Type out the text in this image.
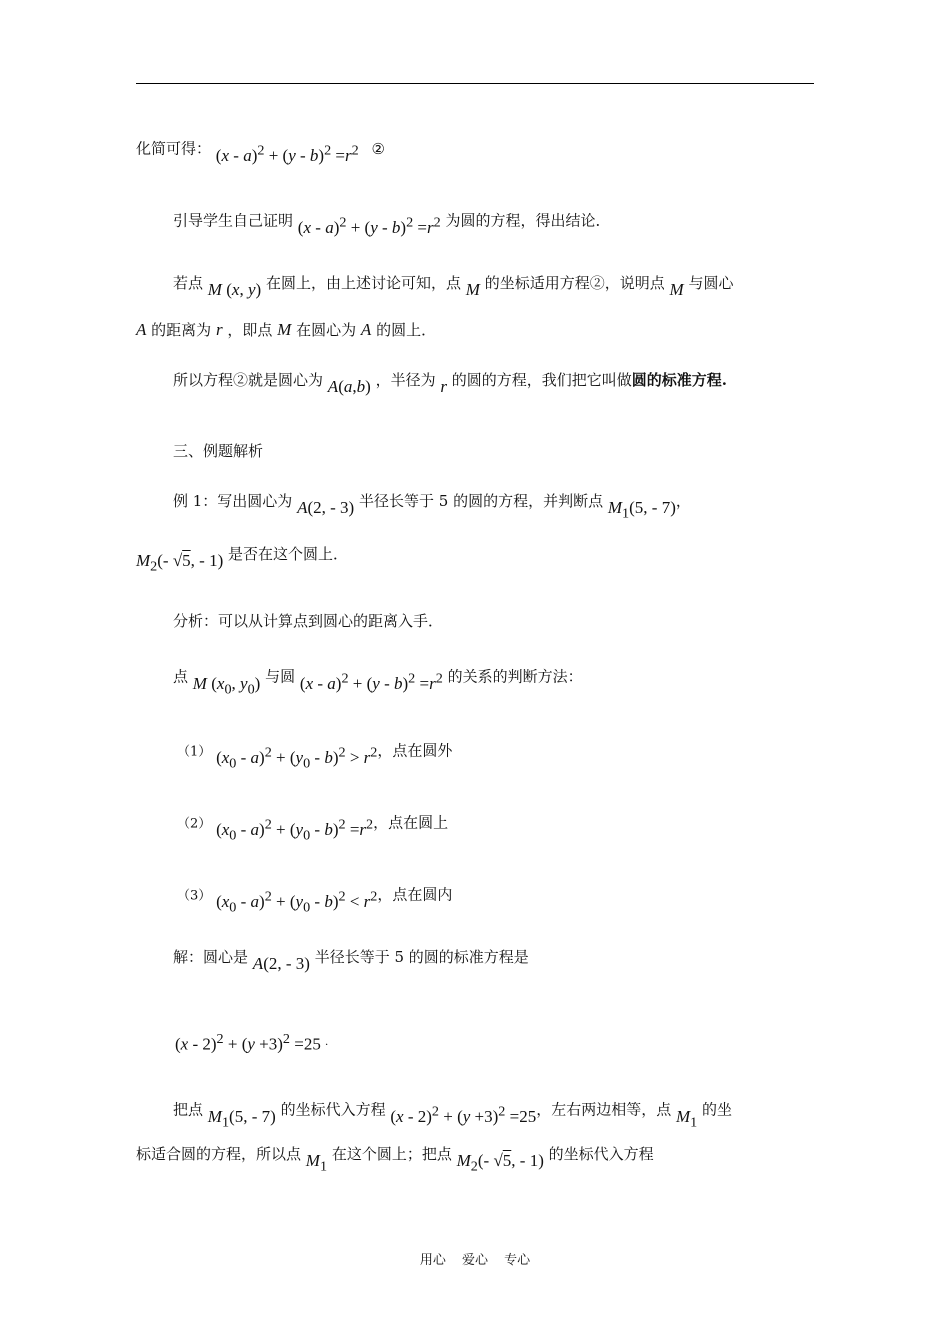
化简可得： $(x - a)^2 + (y - b)^2 =r^2$ ②
引导学生自己证明 $(x - a)^2 + (y - b)^2 =r^2$ 为圆的方程，得出结论．
若点 M (x, y) 在圆上，由上述讨论可知，点 M 的坐标适用方程②，说明点 M 与圆心
A 的距离为 r ，即点 M 在圆心为 A 的圆上．
所以方程②就是圆心为 A(a,b) ，半径为 r 的圆的方程，我们把它叫做圆的标准方程.
三、例题解析
例 1：写出圆心为 A(2, - 3) 半径长等于 5 的圆的方程，并判断点 $M_1(5$, - 7)，
$M_2(-$ √5, - 1) 是否在这个圆上．
分析：可以从计算点到圆心的距离入手．
点 M ($x_0$, $y_0$) 与圆 $(x - a)^2 + (y - b)^2 =r^2$ 的关系的判断方法：
（1） $(x_0 - a)^2 + (y_0 - b)^2 > r^2$，点在圆外
（2） $(x_0 - a)^2 + (y_0 - b)^2 =r^2$，点在圆上
（3） $(x_0 - a)^2 + (y_0 - b)^2 < r^2$，点在圆内
解：圆心是 A(2, - 3) 半径长等于 5 的圆的标准方程是
$(x - 2)^2 + (y +3)^2 =25$ .
把点 $M_1(5$, - 7) 的坐标代入方程 $(x - 2)^2 + (y +3)^2 =25$，左右两边相等，点 $M_1$ 的坐
标适合圆的方程，所以点 $M_1$ 在这个圆上；把点 $M_2(-$ √5, - 1) 的坐标代入方程
用心 爱心 专心
